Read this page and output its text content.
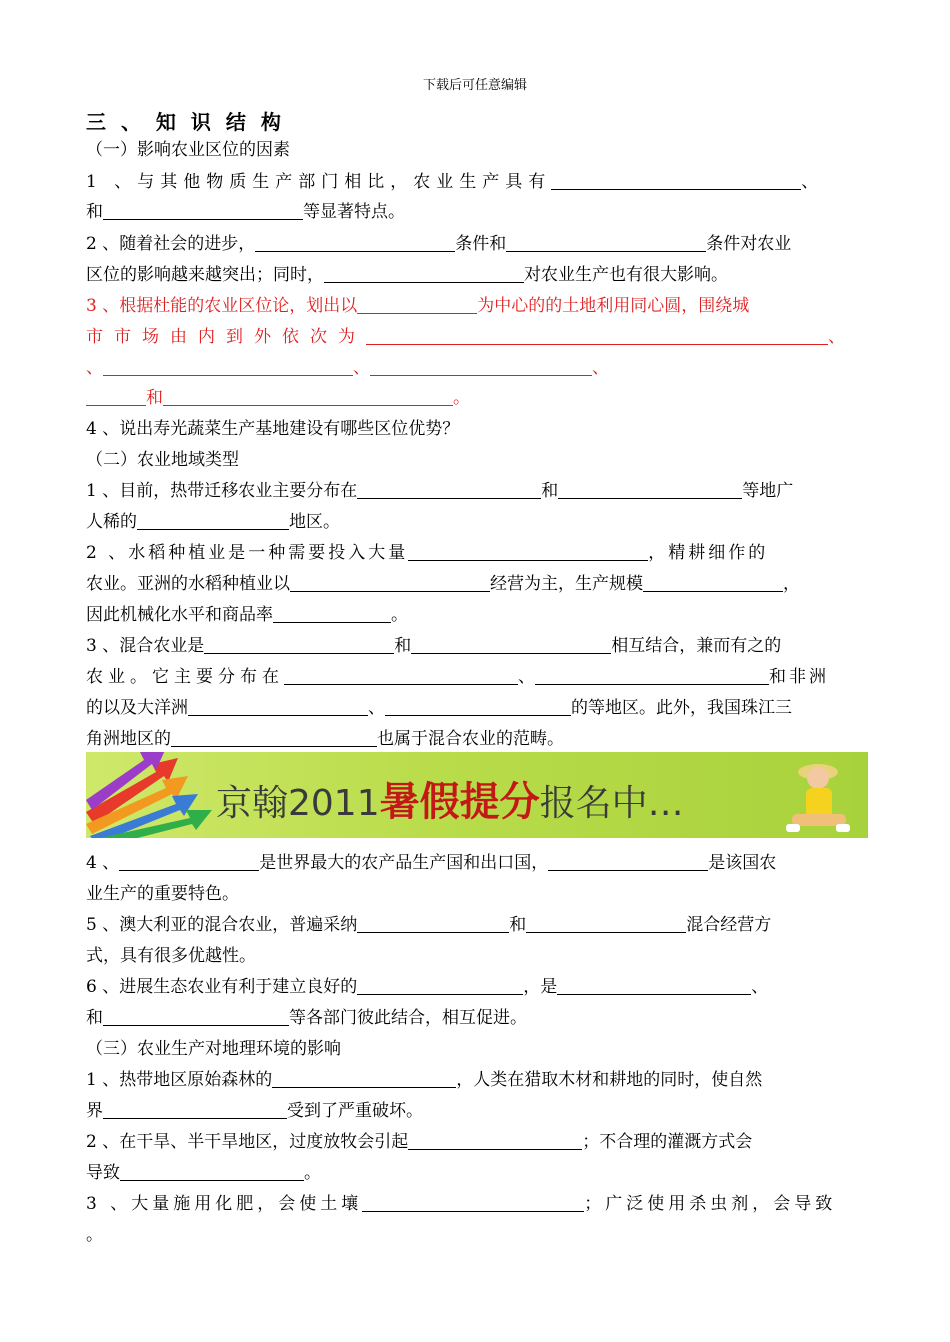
下载后可任意编辑
三 、 知 识 结 构
（一）影响农业区位的因素
1 、与其他物质生产部门相比，农业生产具有	、
和	等显著特点。
2 、随着社会的进步，	条件和	条件对农业
区位的影响越来越突出；同时，	对农业生产也有很大影响。
3 、根据杜能的农业区位论，划出以	为中心的的土地利用同心圆，围绕城
市市场由内到外依次为	、
、	、	、
和	。
4 、说出寿光蔬菜生产基地建设有哪些区位优势？
（二）农业地域类型
1 、目前，热带迁移农业主要分布在	和	等地广
人稀的	地区。
2 、水稻种植业是一种需要投入大量	，精耕细作的
农业。亚洲的水稻种植业以	经营为主，生产规模	，
因此机械化水平和商品率	。
3 、混合农业是	和	相互结合，兼而有之的
农业。它主要分布在	、	和非洲
的以及大洋洲	、	的等地区。此外，我国珠江三
角洲地区的	也属于混合农业的范畴。
京翰2011暑假提分报名中…
4 、	是世界最大的农产品生产国和出口国，	是该国农
业生产的重要特色。
5 、澳大利亚的混合农业，普遍采纳	和	混合经营方
式，具有很多优越性。
6 、进展生态农业有利于建立良好的	，是	、
和	等各部门彼此结合，相互促进。
（三）农业生产对地理环境的影响
1 、热带地区原始森林的	，人类在猎取木材和耕地的同时，使自然
界	受到了严重破坏。
2 、在干旱、半干旱地区，过度放牧会引起	；不合理的灌溉方式会
导致	。
3 、大量施用化肥，会使土壤	；广泛使用杀虫剂，会导致
。
